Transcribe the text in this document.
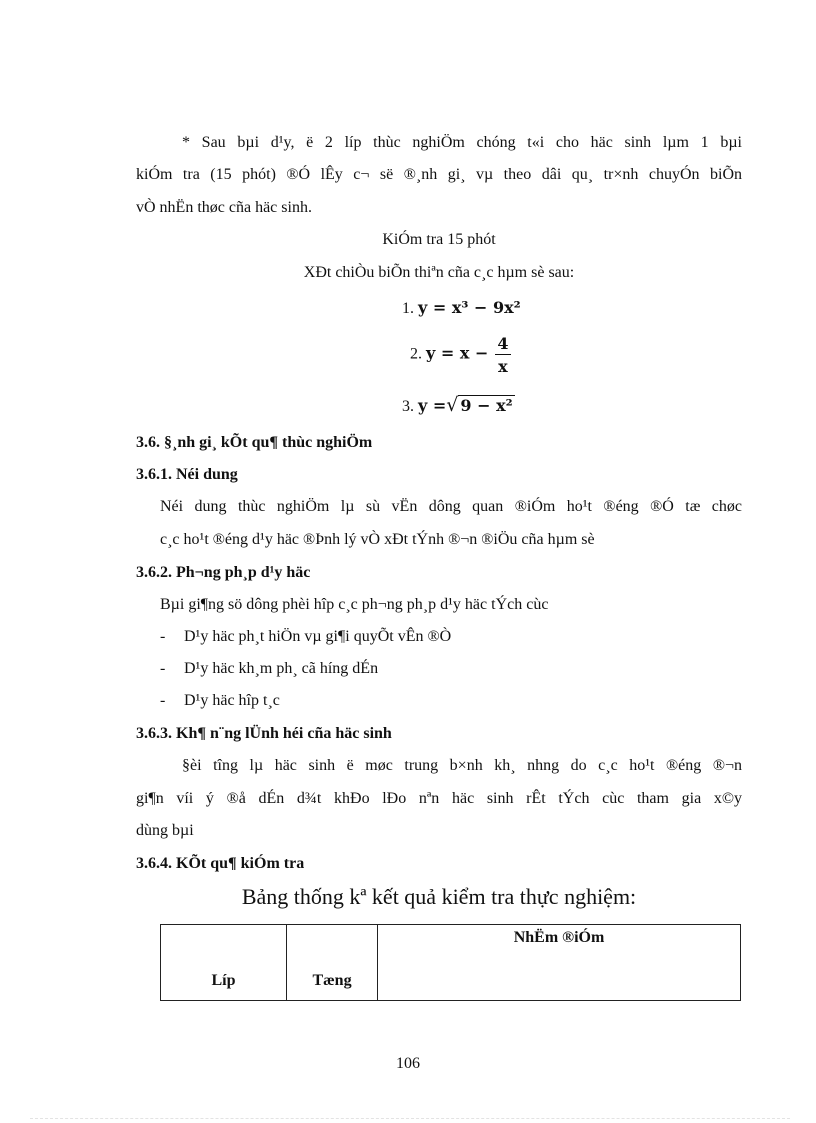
* Sau bµi d¹y, ë 2 líp thùc nghiÖm chóng t«i cho häc sinh lµm 1 bµi
kiÓm tra (15 phót) ®Ó lÊy c¬ së ®¸nh gi¸ vµ theo dâi qu¸ tr×nh chuyÓn biÕn
vÒ nhËn thøc cña häc sinh.
KiÓm tra 15 phót
XÐt chiÒu biÕn thiªn cña c¸c hµm sè sau:
1. y = x³ − 9x²
2. $y = x - \frac{4}{x}$
3. y =√ 9 − x²
3.6. §¸nh gi¸ kÕt qu¶ thùc nghiÖm
3.6.1. Néi dung
Néi dung thùc nghiÖm lµ sù vËn dông quan ®iÓm ho¹t ®éng ®Ó tæ chøc
c¸c ho¹t ®éng d¹y häc ®Þnh lý vÒ xÐt tÝnh ®¬n ®iÖu cña hµm sè
3.6.2. Ph¬ng ph¸p d¹y häc
Bµi gi¶ng sö dông phèi hîp c¸c ph¬ng ph¸p d¹y häc tÝch cùc
- D¹y häc ph¸t hiÖn vµ gi¶i quyÕt vÊn ®Ò
- D¹y häc kh¸m ph¸ cã híng dÉn
- D¹y häc hîp t¸c
3.6.3. Kh¶ n¨ng lÜnh héi cña häc sinh
§èi tîng lµ häc sinh ë møc trung b×nh kh¸ nhng do c¸c ho¹t ®éng ®¬n
gi¶n víi ý ®å dÉn d¾t khÐo lÐo nªn häc sinh rÊt tÝch cùc tham gia x©y
dùng bµi
3.6.4. KÕt qu¶ kiÓm tra
Bảng thống kª kết quả kiểm tra thực nghiệm:
Líp	Tæng	NhËm ®iÓm
106
